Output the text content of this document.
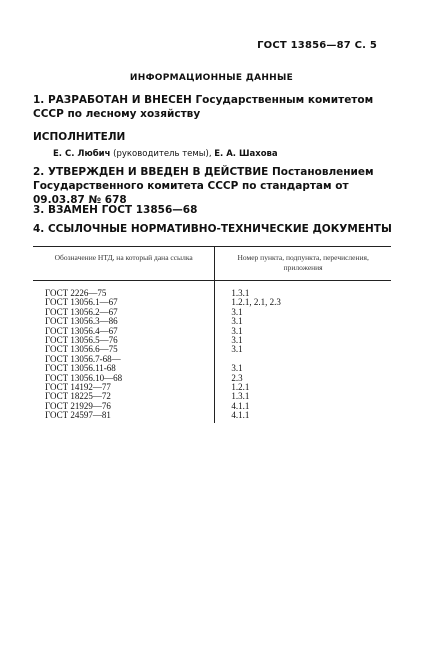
ГОСТ 13856—87 С. 5
ИНФОРМАЦИОННЫЕ ДАННЫЕ
1. РАЗРАБОТАН И ВНЕСЕН Государственным комитетом СССР по лесному хозяйству
ИСПОЛНИТЕЛИ
Е. С. Любич (руководитель темы), Е. А. Шахова
2. УТВЕРЖДЕН И ВВЕДЕН В ДЕЙСТВИЕ Постановлением Государственного комитета СССР по стандартам от 09.03.87 № 678
3. ВЗАМЕН ГОСТ 13856—68
4. ССЫЛОЧНЫЕ НОРМАТИВНО-ТЕХНИЧЕСКИЕ ДОКУМЕНТЫ
Обозначение НТД, на который дана ссылка	Номер пункта, подпункта, перечисления, приложения
ГОСТ 2226—75	1.3.1
ГОСТ 13056.1—67	1.2.1, 2.1, 2.3
ГОСТ 13056.2—67	3.1
ГОСТ 13056.3—86	3.1
ГОСТ 13056.4—67	3.1
ГОСТ 13056.5—76	3.1
ГОСТ 13056.6—75	3.1
ГОСТ 13056.7-68—	
ГОСТ 13056.11-68	3.1
ГОСТ 13056.10—68	2.3
ГОСТ 14192—77	1.2.1
ГОСТ 18225—72	1.3.1
ГОСТ 21929—76	4.1.1
ГОСТ 24597—81	4.1.1
